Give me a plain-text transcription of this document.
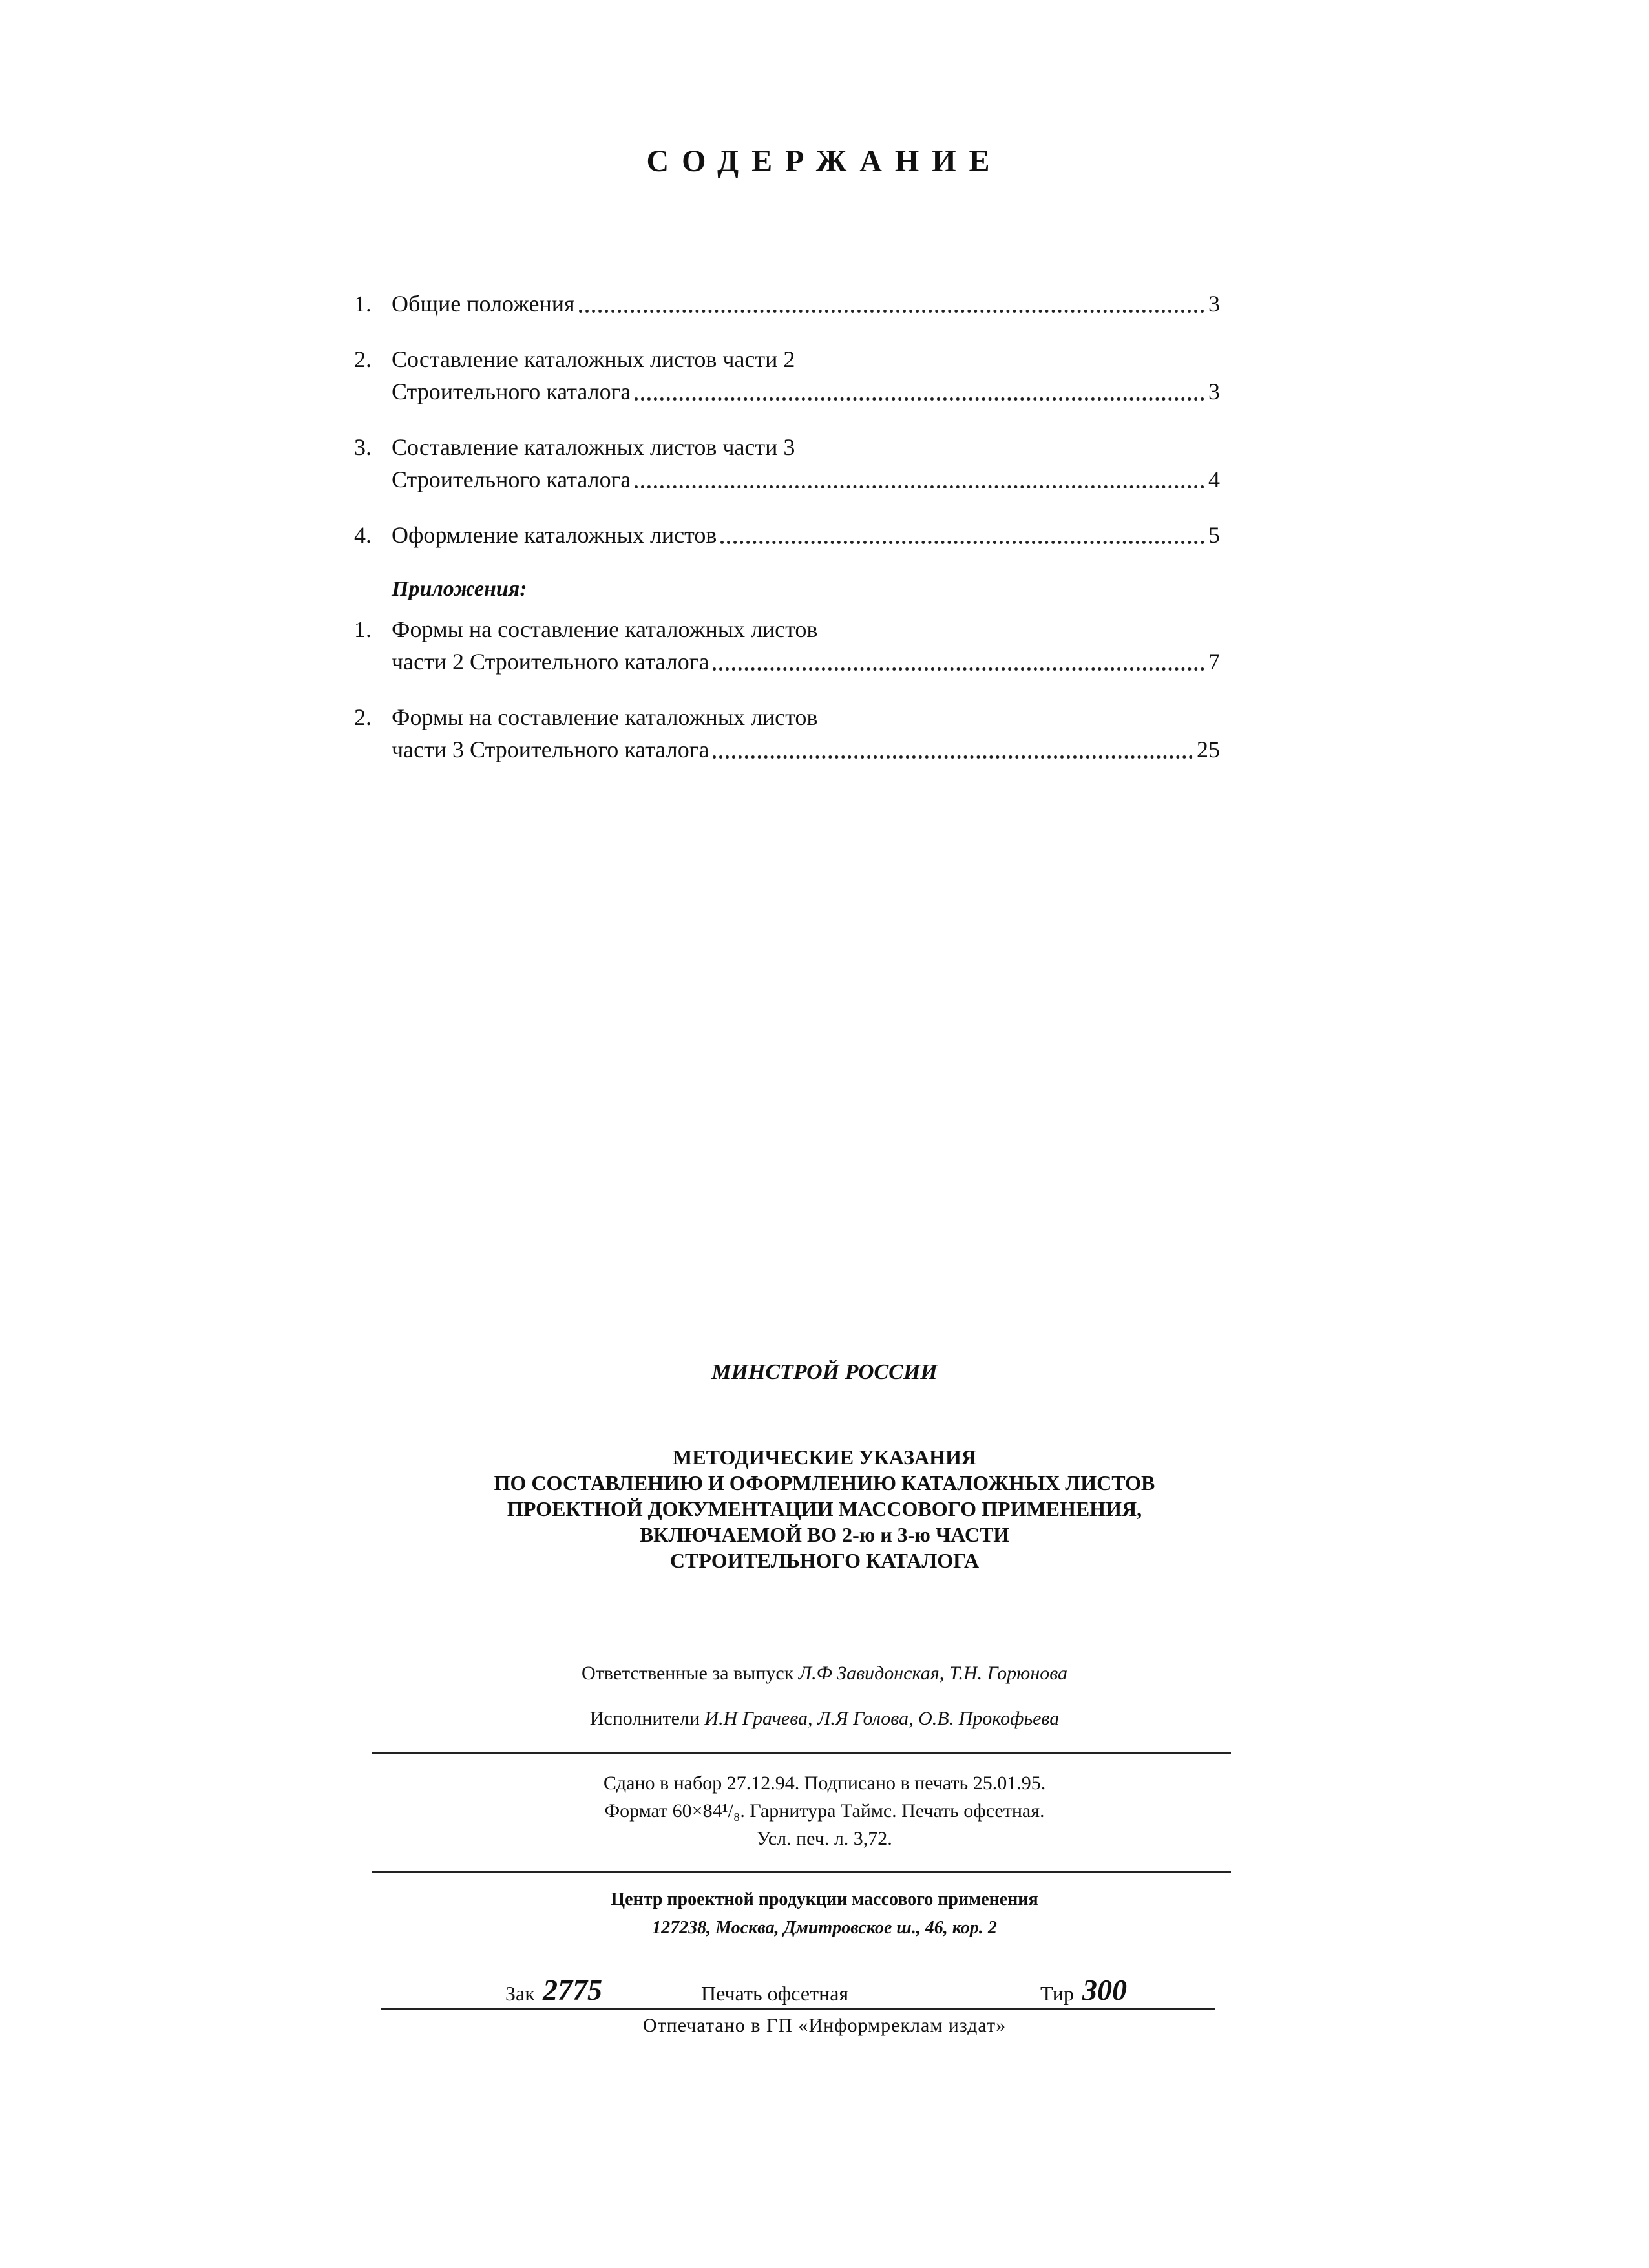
СОДЕРЖАНИЕ
1. Общие положения	3
2. Составление каталожных листов части 2
Строительного каталога	3
3. Составление каталожных листов части 3
Строительного каталога	4
4. Оформление каталожных листов	5
Приложения:
1. Формы на составление каталожных листов
части 2 Строительного каталога	7
2. Формы на составление каталожных листов
части 3 Строительного каталога	25
МИНСТРОЙ РОССИИ
МЕТОДИЧЕСКИЕ УКАЗАНИЯ
ПО СОСТАВЛЕНИЮ И ОФОРМЛЕНИЮ КАТАЛОЖНЫХ ЛИСТОВ
ПРОЕКТНОЙ ДОКУМЕНТАЦИИ МАССОВОГО ПРИМЕНЕНИЯ,
ВКЛЮЧАЕМОЙ ВО 2-ю и 3-ю ЧАСТИ
СТРОИТЕЛЬНОГО КАТАЛОГА
Ответственные за выпуск Л.Ф Завидонская, Т.Н. Горюнова
Исполнители И.Н Грачева, Л.Я Голова, О.В. Прокофьева
Сдано в набор 27.12.94. Подписано в печать 25.01.95.
Формат 60×84¹/₈. Гарнитура Таймс. Печать офсетная.
Усл. печ. л. 3,72.
Центр проектной продукции массового применения
127238, Москва, Дмитровское ш., 46, кор. 2
Зак 2775	Печать офсетная	Тир 300
Отпечатано в ГП «Информреклам издат»
